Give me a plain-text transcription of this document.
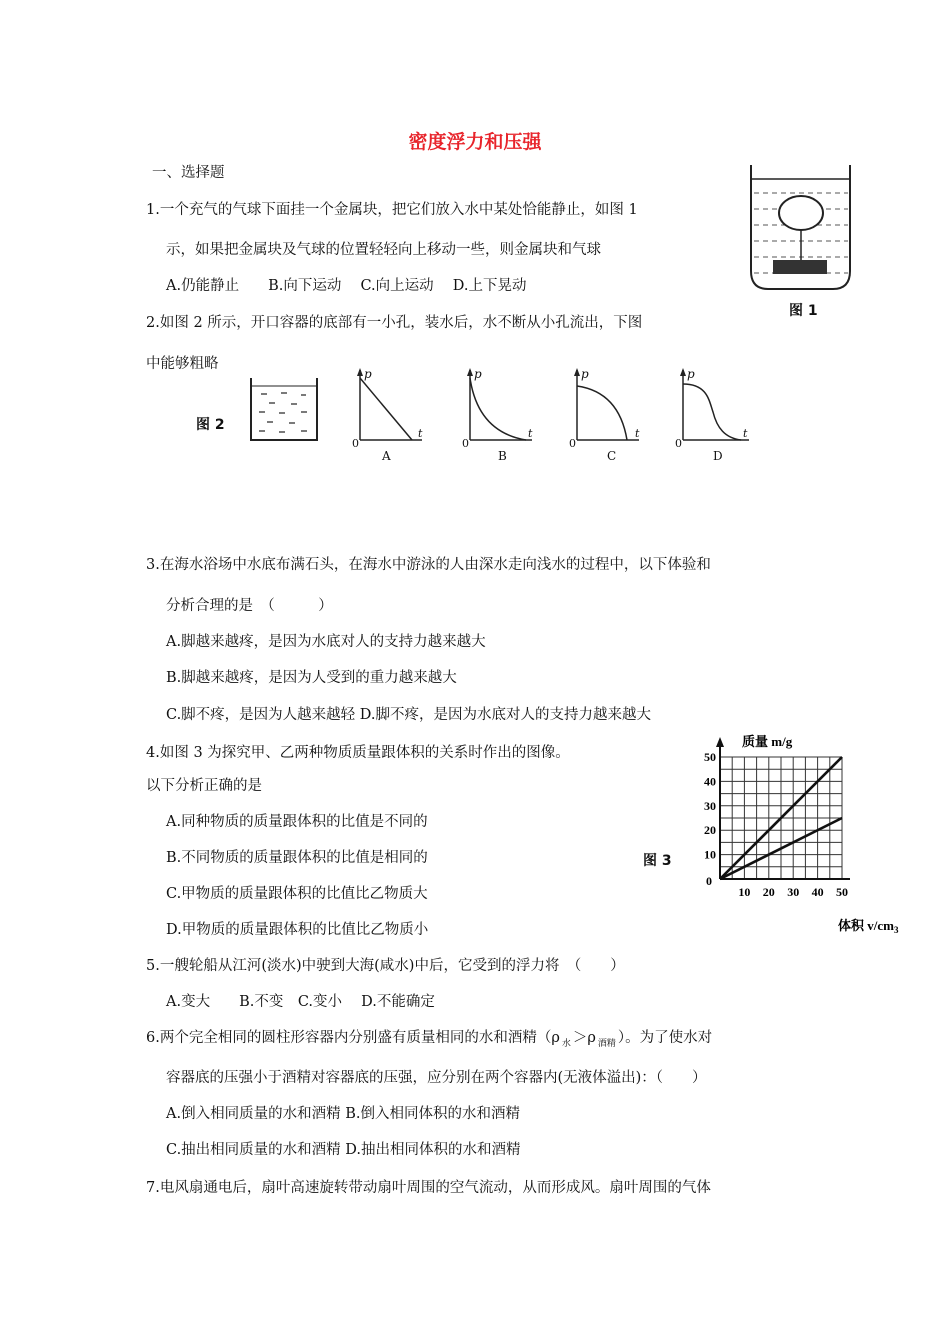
密度浮力和压强
一、选择题
1.一个充气的气球下面挂一个金属块，把它们放入水中某处恰能静止，如图 1
示，如果把金属块及气球的位置轻轻向上移动一些，则金属块和气球
A.仍能静止　　B.向下运动　 C.向上运动　 D.上下晃动
图 1
2.如图 2 所示，开口容器的底部有一小孔，装水后，水不断从小孔流出，下图
中能够粗略
图 2
p
t
0
A
p
t
0
B
p
t
0
C
p
t
0
D
3.在海水浴场中水底布满石头，在海水中游泳的人由深水走向浅水的过程中，以下体验和
分析合理的是　（　　　）
A.脚越来越疼，是因为水底对人的支持力越来越大
B.脚越来越疼，是因为人受到的重力越来越大
C.脚不疼，是因为人越来越轻 D.脚不疼，是因为水底对人的支持力越来越大
4.如图 3 为探究甲、乙两种物质质量跟体积的关系时作出的图像。
以下分析正确的是
A.同种物质的质量跟体积的比值是不同的
B.不同物质的质量跟体积的比值是相同的
C.甲物质的质量跟体积的比值比乙物质大
D.甲物质的质量跟体积的比值比乙物质小
图 3
10 20 30 40 50
10
20
30
40
50
质量 m/g
体积 $v/cm_3$
0
5.一艘轮船从江河(淡水)中驶到大海(咸水)中后，它受到的浮力将　（　　）
A.变大　　B.不变　C.变小　 D.不能确定
6.两个完全相同的圆柱形容器内分别盛有质量相同的水和酒精（ρ $_水$ ＞ρ $_{酒精}$ ）。为了使水对
容器底的压强小于酒精对容器底的压强，应分别在两个容器内(无液体溢出)：（　　）
A.倒入相同质量的水和酒精 B.倒入相同体积的水和酒精
C.抽出相同质量的水和酒精 D.抽出相同体积的水和酒精
7.电风扇通电后，扇叶高速旋转带动扇叶周围的空气流动，从而形成风。扇叶周围的气体
